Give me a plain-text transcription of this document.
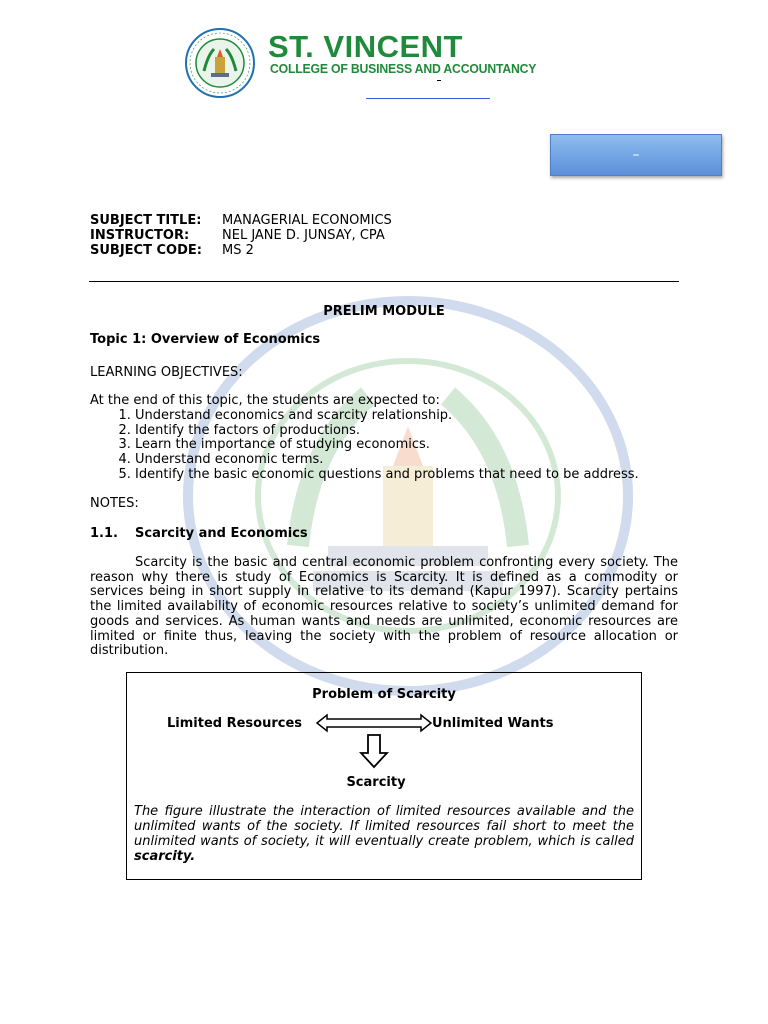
ST. VINCENT
COLLEGE OF BUSINESS AND ACCOUNTANCY
–
SUBJECT TITLE: MANAGERIAL ECONOMICS
INSTRUCTOR:	NEL JANE D. JUNSAY, CPA
SUBJECT CODE: MS 2
PRELIM MODULE
Topic 1: Overview of Economics
LEARNING OBJECTIVES:
At the end of this topic, the students are expected to:
1. Understand economics and scarcity relationship.
2. Identify the factors of productions.
3. Learn the importance of studying economics.
4. Understand economic terms.
5. Identify the basic economic questions and problems that need to be address.
NOTES:
1.1. Scarcity and Economics
Scarcity is the basic and central economic problem confronting every society. The reason why there is study of Economics is Scarcity. It is defined as a commodity or services being in short supply in relative to its demand (Kapur 1997). Scarcity pertains the limited availability of economic resources relative to society’s unlimited demand for goods and services. As human wants and needs are unlimited, economic resources are limited or finite thus, leaving the society with the problem of resource allocation or distribution.
Problem of Scarcity
Limited Resources	Unlimited Wants
Scarcity
The figure illustrate the interaction of limited resources available and the unlimited wants of the society. If limited resources fail short to meet the unlimited wants of society, it will eventually create problem, which is called scarcity.
